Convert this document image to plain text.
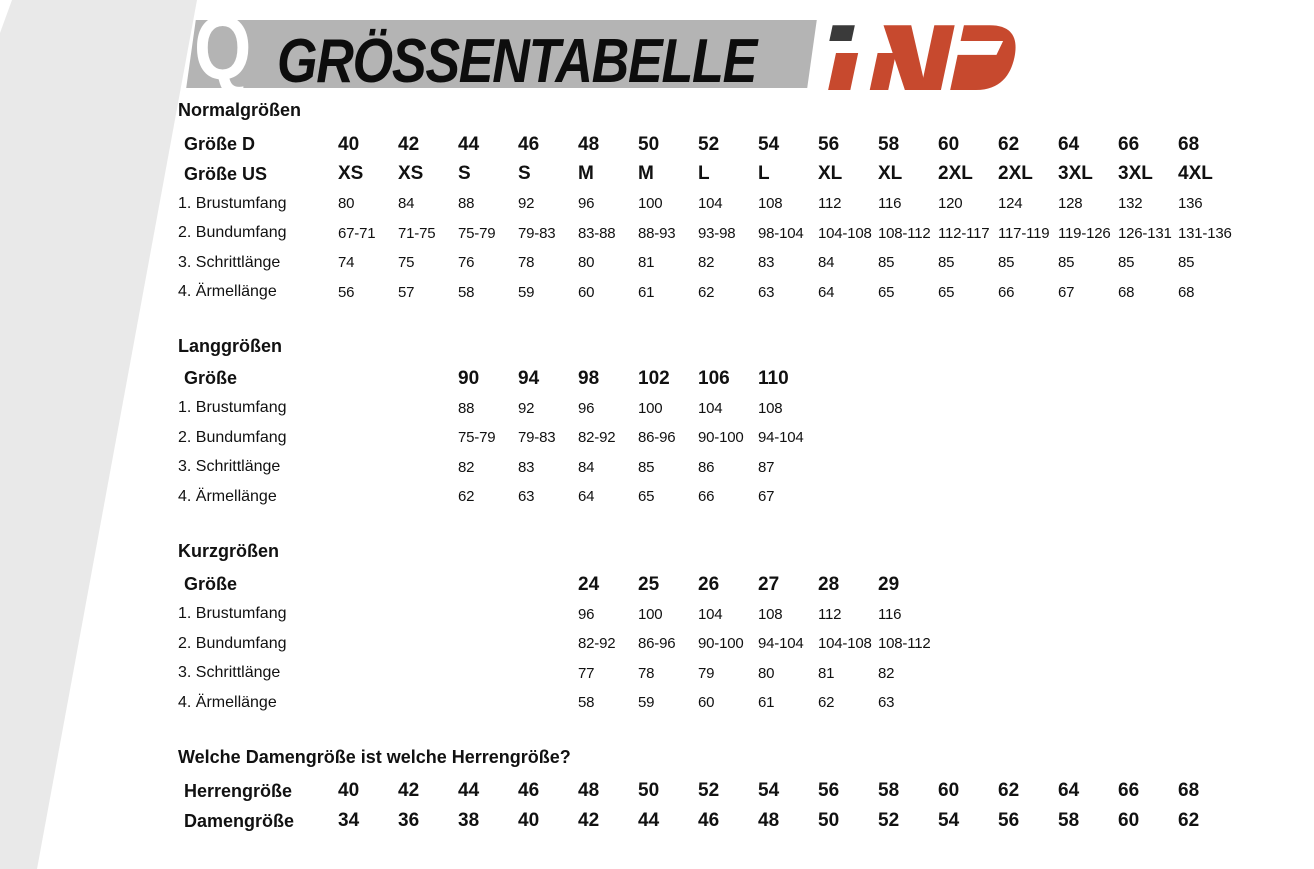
Q GRÖSSENTABELLE
Normalgrößen
Größe D	40	42	44	46	48	50	52	54	56	58	60	62	64	66	68
Größe US	XS	XS	S	S	M	M	L	L	XL	XL	2XL	2XL	3XL	3XL	4XL
1. Brustumfang	80	84	88	92	96	100	104	108	112	116	120	124	128	132	136
2. Bundumfang	67-71	71-75	75-79	79-83	83-88	88-93	93-98	98-104 104-108 108-112 112-117 117-119 119-126 126-131 131-136
3. Schrittlänge	74	75	76	78	80	81	82	83	84	85	85	85	85	85	85
4. Ärmellänge	56	57	58	59	60	61	62	63	64	65	65	66	67	68	68
Langgrößen
Größe	90	94	98	102	106	110
1. Brustumfang	88	92	96	100	104	108
2. Bundumfang	75-79	79-83	82-92	86-96	90-100 94-104
3. Schrittlänge	82	83	84	85	86	87
4. Ärmellänge	62	63	64	65	66	67
Kurzgrößen
Größe	24	25	26	27	28	29
1. Brustumfang	96	100	104	108	112	116
2. Bundumfang	82-92	86-96	90-100 94-104 104-108 108-112
3. Schrittlänge	77	78	79	80	81	82
4. Ärmellänge	58	59	60	61	62	63
Welche Damengröße ist welche Herrengröße?
Herrengröße	40	42	44	46	48	50	52	54	56	58	60	62	64	66	68
Damengröße	34	36	38	40	42	44	46	48	50	52	54	56	58	60	62
